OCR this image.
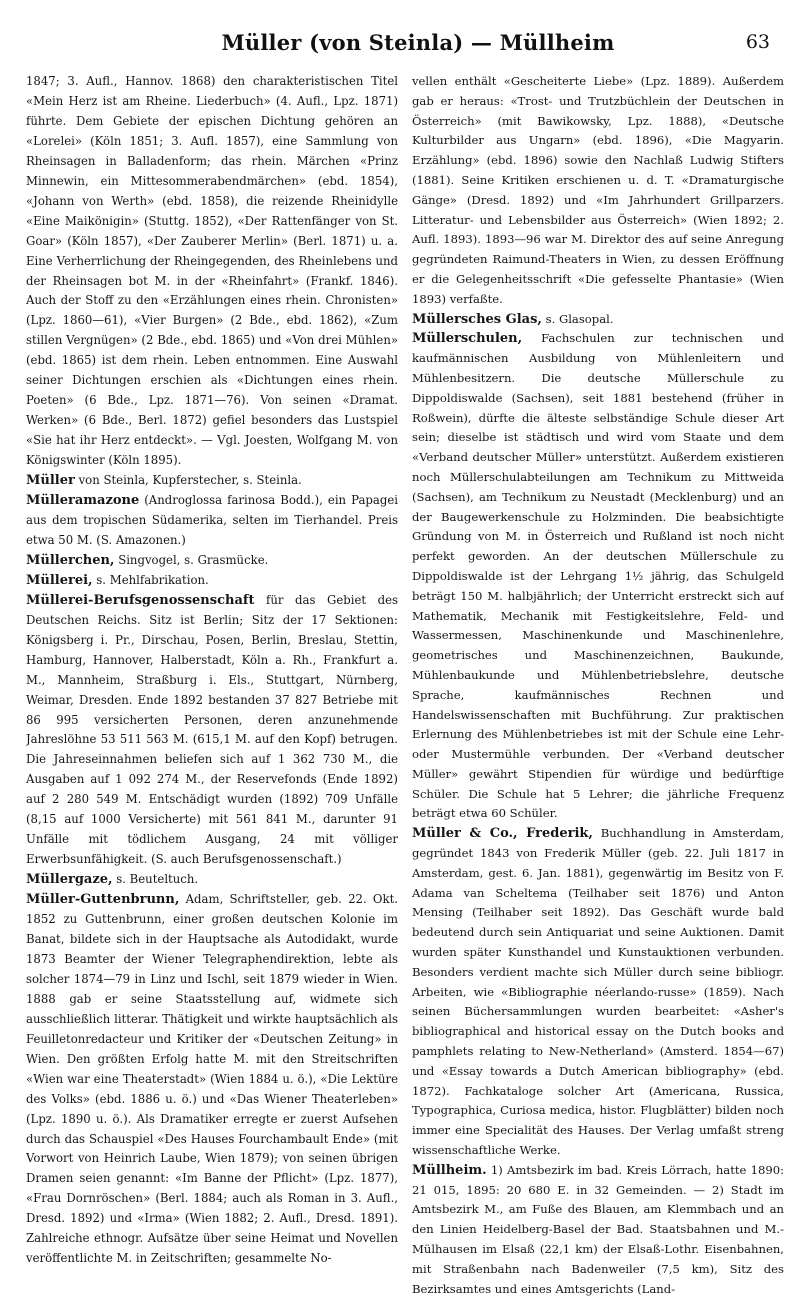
Müller (von Steinla) — Müllheim	63

1847; 3. Aufl., Hannov. 1868) den charakteristischen Titel «Mein Herz ist am Rheine. Liederbuch» (4. Aufl., Lpz. 1871) führte. Dem Gebiete der epischen Dichtung gehören an «Lorelei» (Köln 1851; 3. Aufl. 1857), eine Sammlung von Rheinsagen in Balladenform; das rhein. Märchen «Prinz Minnewin, ein Mittesommerabendmärchen» (ebd. 1854), «Johann von Werth» (ebd. 1858), die reizende Rheinidylle «Eine Maikönigin» (Stuttg. 1852), «Der Rattenfänger von St. Goar» (Köln 1857), «Der Zauberer Merlin» (Berl. 1871) u. a. Eine Verherrlichung der Rheingegenden, des Rheinlebens und der Rheinsagen bot M. in der «Rheinfahrt» (Frankf. 1846). Auch der Stoff zu den «Erzählungen eines rhein. Chronisten» (Lpz. 1860—61), «Vier Burgen» (2 Bde., ebd. 1862), «Zum stillen Vergnügen» (2 Bde., ebd. 1865) und «Von drei Mühlen» (ebd. 1865) ist dem rhein. Leben entnommen. Eine Auswahl seiner Dichtungen erschien als «Dichtungen eines rhein. Poeten» (6 Bde., Lpz. 1871—76). Von seinen «Dramat. Werken» (6 Bde., Berl. 1872) gefiel besonders das Lustspiel «Sie hat ihr Herz entdeckt». — Vgl. Joesten, Wolfgang M. von Königswinter (Köln 1895).

Müller von Steinla, Kupferstecher, s. Steinla.

Mülleramazone (Androglossa farinosa Bodd.), ein Papagei aus dem tropischen Südamerika, selten im Tierhandel. Preis etwa 50 M. (S. Amazonen.)

Müllerchen, Singvogel, s. Grasmücke.

Müllerei, s. Mehlfabrikation.

Müllerei-Berufsgenossenschaft für das Gebiet des Deutschen Reichs. Sitz ist Berlin; Sitz der 17 Sektionen: Königsberg i. Pr., Dirschau, Posen, Berlin, Breslau, Stettin, Hamburg, Hannover, Halberstadt, Köln a. Rh., Frankfurt a. M., Mannheim, Straßburg i. Els., Stuttgart, Nürnberg, Weimar, Dresden. Ende 1892 bestanden 37 827 Betriebe mit 86 995 versicherten Personen, deren anzunehmende Jahreslöhne 53 511 563 M. (615,1 M. auf den Kopf) betrugen. Die Jahreseinnahmen beliefen sich auf 1 362 730 M., die Ausgaben auf 1 092 274 M., der Reservefonds (Ende 1892) auf 2 280 549 M. Entschädigt wurden (1892) 709 Unfälle (8,15 auf 1000 Versicherte) mit 561 841 M., darunter 91 Unfälle mit tödlichem Ausgang, 24 mit völliger Erwerbsunfähigkeit. (S. auch Berufsgenossenschaft.)

Müllergaze, s. Beuteltuch.

Müller-Guttenbrunn, Adam, Schriftsteller, geb. 22. Okt. 1852 zu Guttenbrunn, einer großen deutschen Kolonie im Banat, bildete sich in der Hauptsache als Autodidakt, wurde 1873 Beamter der Wiener Telegraphendirektion, lebte als solcher 1874—79 in Linz und Ischl, seit 1879 wieder in Wien. 1888 gab er seine Staatsstellung auf, widmete sich ausschließlich litterar. Thätigkeit und wirkte hauptsächlich als Feuilletonredacteur und Kritiker der «Deutschen Zeitung» in Wien. Den größten Erfolg hatte M. mit den Streitschriften «Wien war eine Theaterstadt» (Wien 1884 u. ö.), «Die Lektüre des Volks» (ebd. 1886 u. ö.) und «Das Wiener Theaterleben» (Lpz. 1890 u. ö.). Als Dramatiker erregte er zuerst Aufsehen durch das Schauspiel «Des Hauses Fourchambault Ende» (mit Vorwort von Heinrich Laube, Wien 1879); von seinen übrigen Dramen seien genannt: «Im Banne der Pflicht» (Lpz. 1877), «Frau Dornröschen» (Berl. 1884; auch als Roman in 3. Aufl., Dresd. 1892) und «Irma» (Wien 1882; 2. Aufl., Dresd. 1891). Zahlreiche ethnogr. Aufsätze über seine Heimat und Novellen veröffentlichte M. in Zeitschriften; gesammelte No-

vellen enthält «Gescheiterte Liebe» (Lpz. 1889). Außerdem gab er heraus: «Trost- und Trutzbüchlein der Deutschen in Österreich» (mit Bawikowsky, Lpz. 1888), «Deutsche Kulturbilder aus Ungarn» (ebd. 1896), «Die Magyarin. Erzählung» (ebd. 1896) sowie den Nachlaß Ludwig Stifters (1881). Seine Kritiken erschienen u. d. T. «Dramaturgische Gänge» (Dresd. 1892) und «Im Jahrhundert Grillparzers. Litteratur- und Lebensbilder aus Österreich» (Wien 1892; 2. Aufl. 1893). 1893—96 war M. Direktor des auf seine Anregung gegründeten Raimund-Theaters in Wien, zu dessen Eröffnung er die Gelegenheitsschrift «Die gefesselte Phantasie» (Wien 1893) verfaßte.

Müllersches Glas, s. Glasopal.

Müllerschulen, Fachschulen zur technischen und kaufmännischen Ausbildung von Mühlenleitern und Mühlenbesitzern. Die deutsche Müllerschule zu Dippoldiswalde (Sachsen), seit 1881 bestehend (früher in Roßwein), dürfte die älteste selbständige Schule dieser Art sein; dieselbe ist städtisch und wird vom Staate und dem «Verband deutscher Müller» unterstützt. Außerdem existieren noch Müllerschulabteilungen am Technikum zu Mittweida (Sachsen), am Technikum zu Neustadt (Mecklenburg) und an der Baugewerkenschule zu Holzminden. Die beabsichtigte Gründung von M. in Österreich und Rußland ist noch nicht perfekt geworden. An der deutschen Müllerschule zu Dippoldiswalde ist der Lehrgang 1½ jährig, das Schulgeld beträgt 150 M. halbjährlich; der Unterricht erstreckt sich auf Mathematik, Mechanik mit Festigkeitslehre, Feld- und Wassermessen, Maschinenkunde und Maschinenlehre, geometrisches und Maschinenzeichnen, Baukunde, Mühlenbaukunde und Mühlenbetriebslehre, deutsche Sprache, kaufmännisches Rechnen und Handelswissenschaften mit Buchführung. Zur praktischen Erlernung des Mühlenbetriebes ist mit der Schule eine Lehr- oder Mustermühle verbunden. Der «Verband deutscher Müller» gewährt Stipendien für würdige und bedürftige Schüler. Die Schule hat 5 Lehrer; die jährliche Frequenz beträgt etwa 60 Schüler.

Müller & Co., Frederik, Buchhandlung in Amsterdam, gegründet 1843 von Frederik Müller (geb. 22. Juli 1817 in Amsterdam, gest. 6. Jan. 1881), gegenwärtig im Besitz von F. Adama van Scheltema (Teilhaber seit 1876) und Anton Mensing (Teilhaber seit 1892). Das Geschäft wurde bald bedeutend durch sein Antiquariat und seine Auktionen. Damit wurden später Kunsthandel und Kunstauktionen verbunden. Besonders verdient machte sich Müller durch seine bibliogr. Arbeiten, wie «Bibliographie néerlando-russe» (1859). Nach seinen Büchersammlungen wurden bearbeitet: «Asher's bibliographical and historical essay on the Dutch books and pamphlets relating to New-Netherland» (Amsterd. 1854—67) und «Essay towards a Dutch American bibliography» (ebd. 1872). Fachkataloge solcher Art (Americana, Russica, Typographica, Curiosa medica, histor. Flugblätter) bilden noch immer eine Specialität des Hauses. Der Verlag umfaßt streng wissenschaftliche Werke.

Müllheim. 1) Amtsbezirk im bad. Kreis Lörrach, hatte 1890: 21 015, 1895: 20 680 E. in 32 Gemeinden. — 2) Stadt im Amtsbezirk M., am Fuße des Blauen, am Klemmbach und an den Linien Heidelberg-Basel der Bad. Staatsbahnen und M.-Mülhausen im Elsaß (22,1 km) der Elsaß-Lothr. Eisenbahnen, mit Straßenbahn nach Badenweiler (7,5 km), Sitz des Bezirksamtes und eines Amtsgerichts (Land-
